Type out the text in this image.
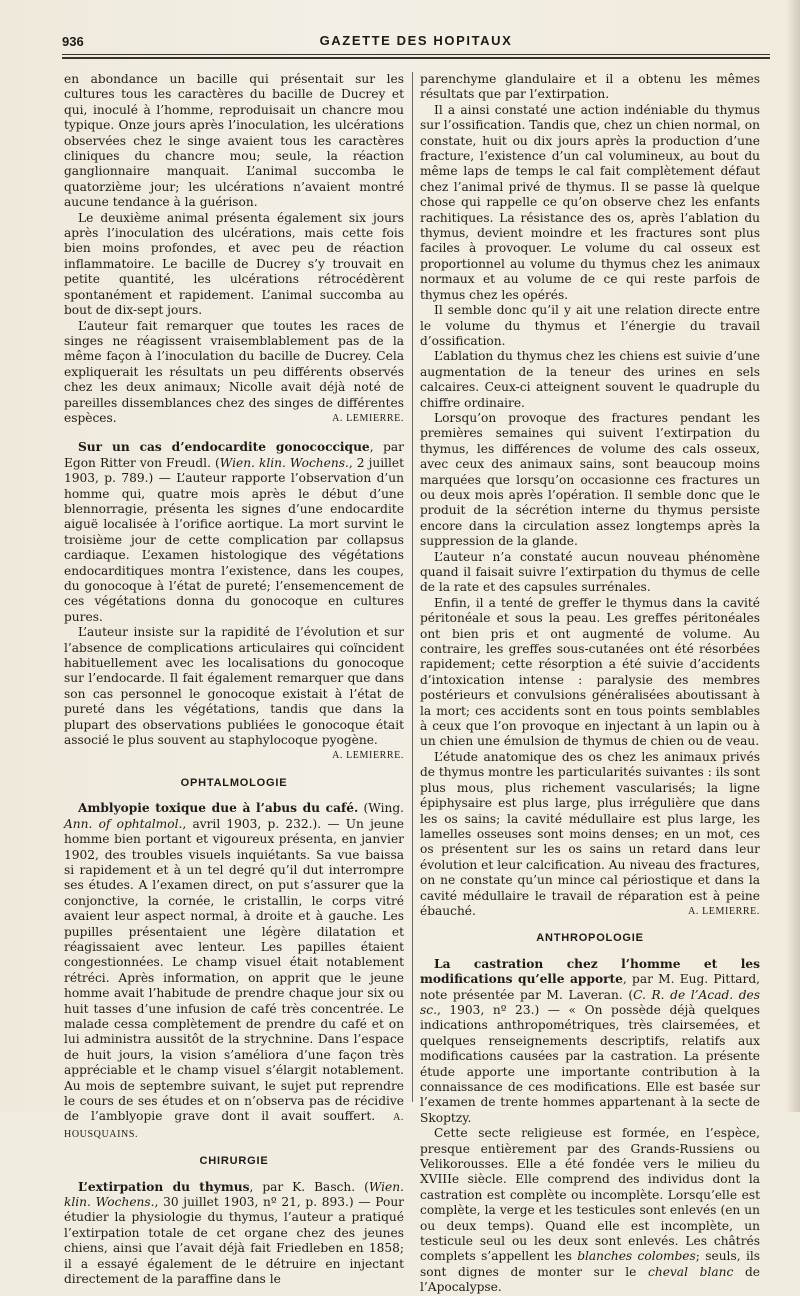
936	GAZETTE DES HOPITAUX

en abondance un bacille qui présentait sur les cultures tous les caractères du bacille de Ducrey et qui, inoculé à l’homme, reproduisait un chancre mou typique. Onze jours après l’inoculation, les ulcérations observées chez le singe avaient tous les caractères cliniques du chancre mou; seule, la réaction ganglionnaire manquait. L’animal succomba le quatorzième jour; les ulcérations n’avaient montré aucune tendance à la guérison.

Le deuxième animal présenta également six jours après l’inoculation des ulcérations, mais cette fois bien moins profondes, et avec peu de réaction inflammatoire. Le bacille de Ducrey s’y trouvait en petite quantité, les ulcérations rétrocédèrent spontanément et rapidement. L’animal succomba au bout de dix-sept jours.

L’auteur fait remarquer que toutes les races de singes ne réagissent vraisemblablement pas de la même façon à l’inoculation du bacille de Ducrey. Cela expliquerait les résultats un peu différents observés chez les deux animaux; Nicolle avait déjà noté de pareilles dissemblances chez des singes de différentes espèces.	A. LEMIERRE.

Sur un cas d’endocardite gonococcique, par Egon Ritter von Freudl. (Wien. klin. Wochens., 2 juillet 1903, p. 789.) — L’auteur rapporte l’observation d’un homme qui, quatre mois après le début d’une blennorragie, présenta les signes d’une endocardite aiguë localisée à l’orifice aortique. La mort survint le troisième jour de cette complication par collapsus cardiaque. L’examen histologique des végétations endocarditiques montra l’existence, dans les coupes, du gonocoque à l’état de pureté; l’ensemencement de ces végétations donna du gonocoque en cultures pures.

L’auteur insiste sur la rapidité de l’évolution et sur l’absence de complications articulaires qui coïncident habituellement avec les localisations du gonocoque sur l’endocarde. Il fait également remarquer que dans son cas personnel le gonocoque existait à l’état de pureté dans les végétations, tandis que dans la plupart des observations publiées le gonocoque était associé le plus souvent au staphylocoque pyogène.
A. LEMIERRE.

OPHTALMOLOGIE

Amblyopie toxique due à l’abus du café. (Wing. Ann. of ophtalmol., avril 1903, p. 232.). — Un jeune homme bien portant et vigoureux présenta, en janvier 1902, des troubles visuels inquiétants. Sa vue baissa si rapidement et à un tel degré qu’il dut interrompre ses études. A l’examen direct, on put s’assurer que la conjonctive, la cornée, le cristallin, le corps vitré avaient leur aspect normal, à droite et à gauche. Les pupilles présentaient une légère dilatation et réagissaient avec lenteur. Les papilles étaient congestionnées. Le champ visuel était notablement rétréci. Après information, on apprit que le jeune homme avait l’habitude de prendre chaque jour six ou huit tasses d’une infusion de café très concentrée. Le malade cessa complètement de prendre du café et on lui administra aussitôt de la strychnine. Dans l’espace de huit jours, la vision s’améliora d’une façon très appréciable et le champ visuel s’élargit notablement. Au mois de septembre suivant, le sujet put reprendre le cours de ses études et on n’observa pas de récidive de l’amblyopie grave dont il avait souffert. A. HOUSQUAINS.

CHIRURGIE

L’extirpation du thymus, par K. Basch. (Wien. klin. Wochens., 30 juillet 1903, nº 21, p. 893.) — Pour étudier la physiologie du thymus, l’auteur a pratiqué l’extirpation totale de cet organe chez des jeunes chiens, ainsi que l’avait déjà fait Friedleben en 1858; il a essayé également de le détruire en injectant directement de la paraffine dans le

parenchyme glandulaire et il a obtenu les mêmes résultats que par l’extirpation.

Il a ainsi constaté une action indéniable du thymus sur l’ossification. Tandis que, chez un chien normal, on constate, huit ou dix jours après la production d’une fracture, l’existence d’un cal volumineux, au bout du même laps de temps le cal fait complètement défaut chez l’animal privé de thymus. Il se passe là quelque chose qui rappelle ce qu’on observe chez les enfants rachitiques. La résistance des os, après l’ablation du thymus, devient moindre et les fractures sont plus faciles à provoquer. Le volume du cal osseux est proportionnel au volume du thymus chez les animaux normaux et au volume de ce qui reste parfois de thymus chez les opérés.

Il semble donc qu’il y ait une relation directe entre le volume du thymus et l’énergie du travail d’ossification.

L’ablation du thymus chez les chiens est suivie d’une augmentation de la teneur des urines en sels calcaires. Ceux-ci atteignent souvent le quadruple du chiffre ordinaire.

Lorsqu’on provoque des fractures pendant les premières semaines qui suivent l’extirpation du thymus, les différences de volume des cals osseux, avec ceux des animaux sains, sont beaucoup moins marquées que lorsqu’on occasionne ces fractures un ou deux mois après l’opération. Il semble donc que le produit de la sécrétion interne du thymus persiste encore dans la circulation assez longtemps après la suppression de la glande.

L’auteur n’a constaté aucun nouveau phénomène quand il faisait suivre l’extirpation du thymus de celle de la rate et des capsules surrénales.

Enfin, il a tenté de greffer le thymus dans la cavité péritonéale et sous la peau. Les greffes péritonéales ont bien pris et ont augmenté de volume. Au contraire, les greffes sous-cutanées ont été résorbées rapidement; cette résorption a été suivie d’accidents d’intoxication intense : paralysie des membres postérieurs et convulsions généralisées aboutissant à la mort; ces accidents sont en tous points semblables à ceux que l’on provoque en injectant à un lapin ou à un chien une émulsion de thymus de chien ou de veau.

L’étude anatomique des os chez les animaux privés de thymus montre les particularités suivantes : ils sont plus mous, plus richement vascularisés; la ligne épiphysaire est plus large, plus irrégulière que dans les os sains; la cavité médullaire est plus large, les lamelles osseuses sont moins denses; en un mot, ces os présentent sur les os sains un retard dans leur évolution et leur calcification. Au niveau des fractures, on ne constate qu’un mince cal périostique et dans la cavité médullaire le travail de réparation est à peine ébauché.	A. LEMIERRE.

ANTHROPOLOGIE

La castration chez l’homme et les modifications qu’elle apporte, par M. Eug. Pittard, note présentée par M. Laveran. (C. R. de l’Acad. des sc., 1903, nº 23.) — « On possède déjà quelques indications anthropométriques, très clairsemées, et quelques renseignements descriptifs, relatifs aux modifications causées par la castration. La présente étude apporte une importante contribution à la connaissance de ces modifications. Elle est basée sur l’examen de trente hommes appartenant à la secte de Skoptzy.

Cette secte religieuse est formée, en l’espèce, presque entièrement par des Grands-Russiens ou Velikorousses. Elle a été fondée vers le milieu du XVIIIe siècle. Elle comprend des individus dont la castration est complète ou incomplète. Lorsqu’elle est complète, la verge et les testicules sont enlevés (en un ou deux temps). Quand elle est incomplète, un testicule seul ou les deux sont enlevés. Les châtrés complets s’appellent les blanches colombes; seuls, ils sont dignes de monter sur le cheval blanc de l’Apocalypse.
